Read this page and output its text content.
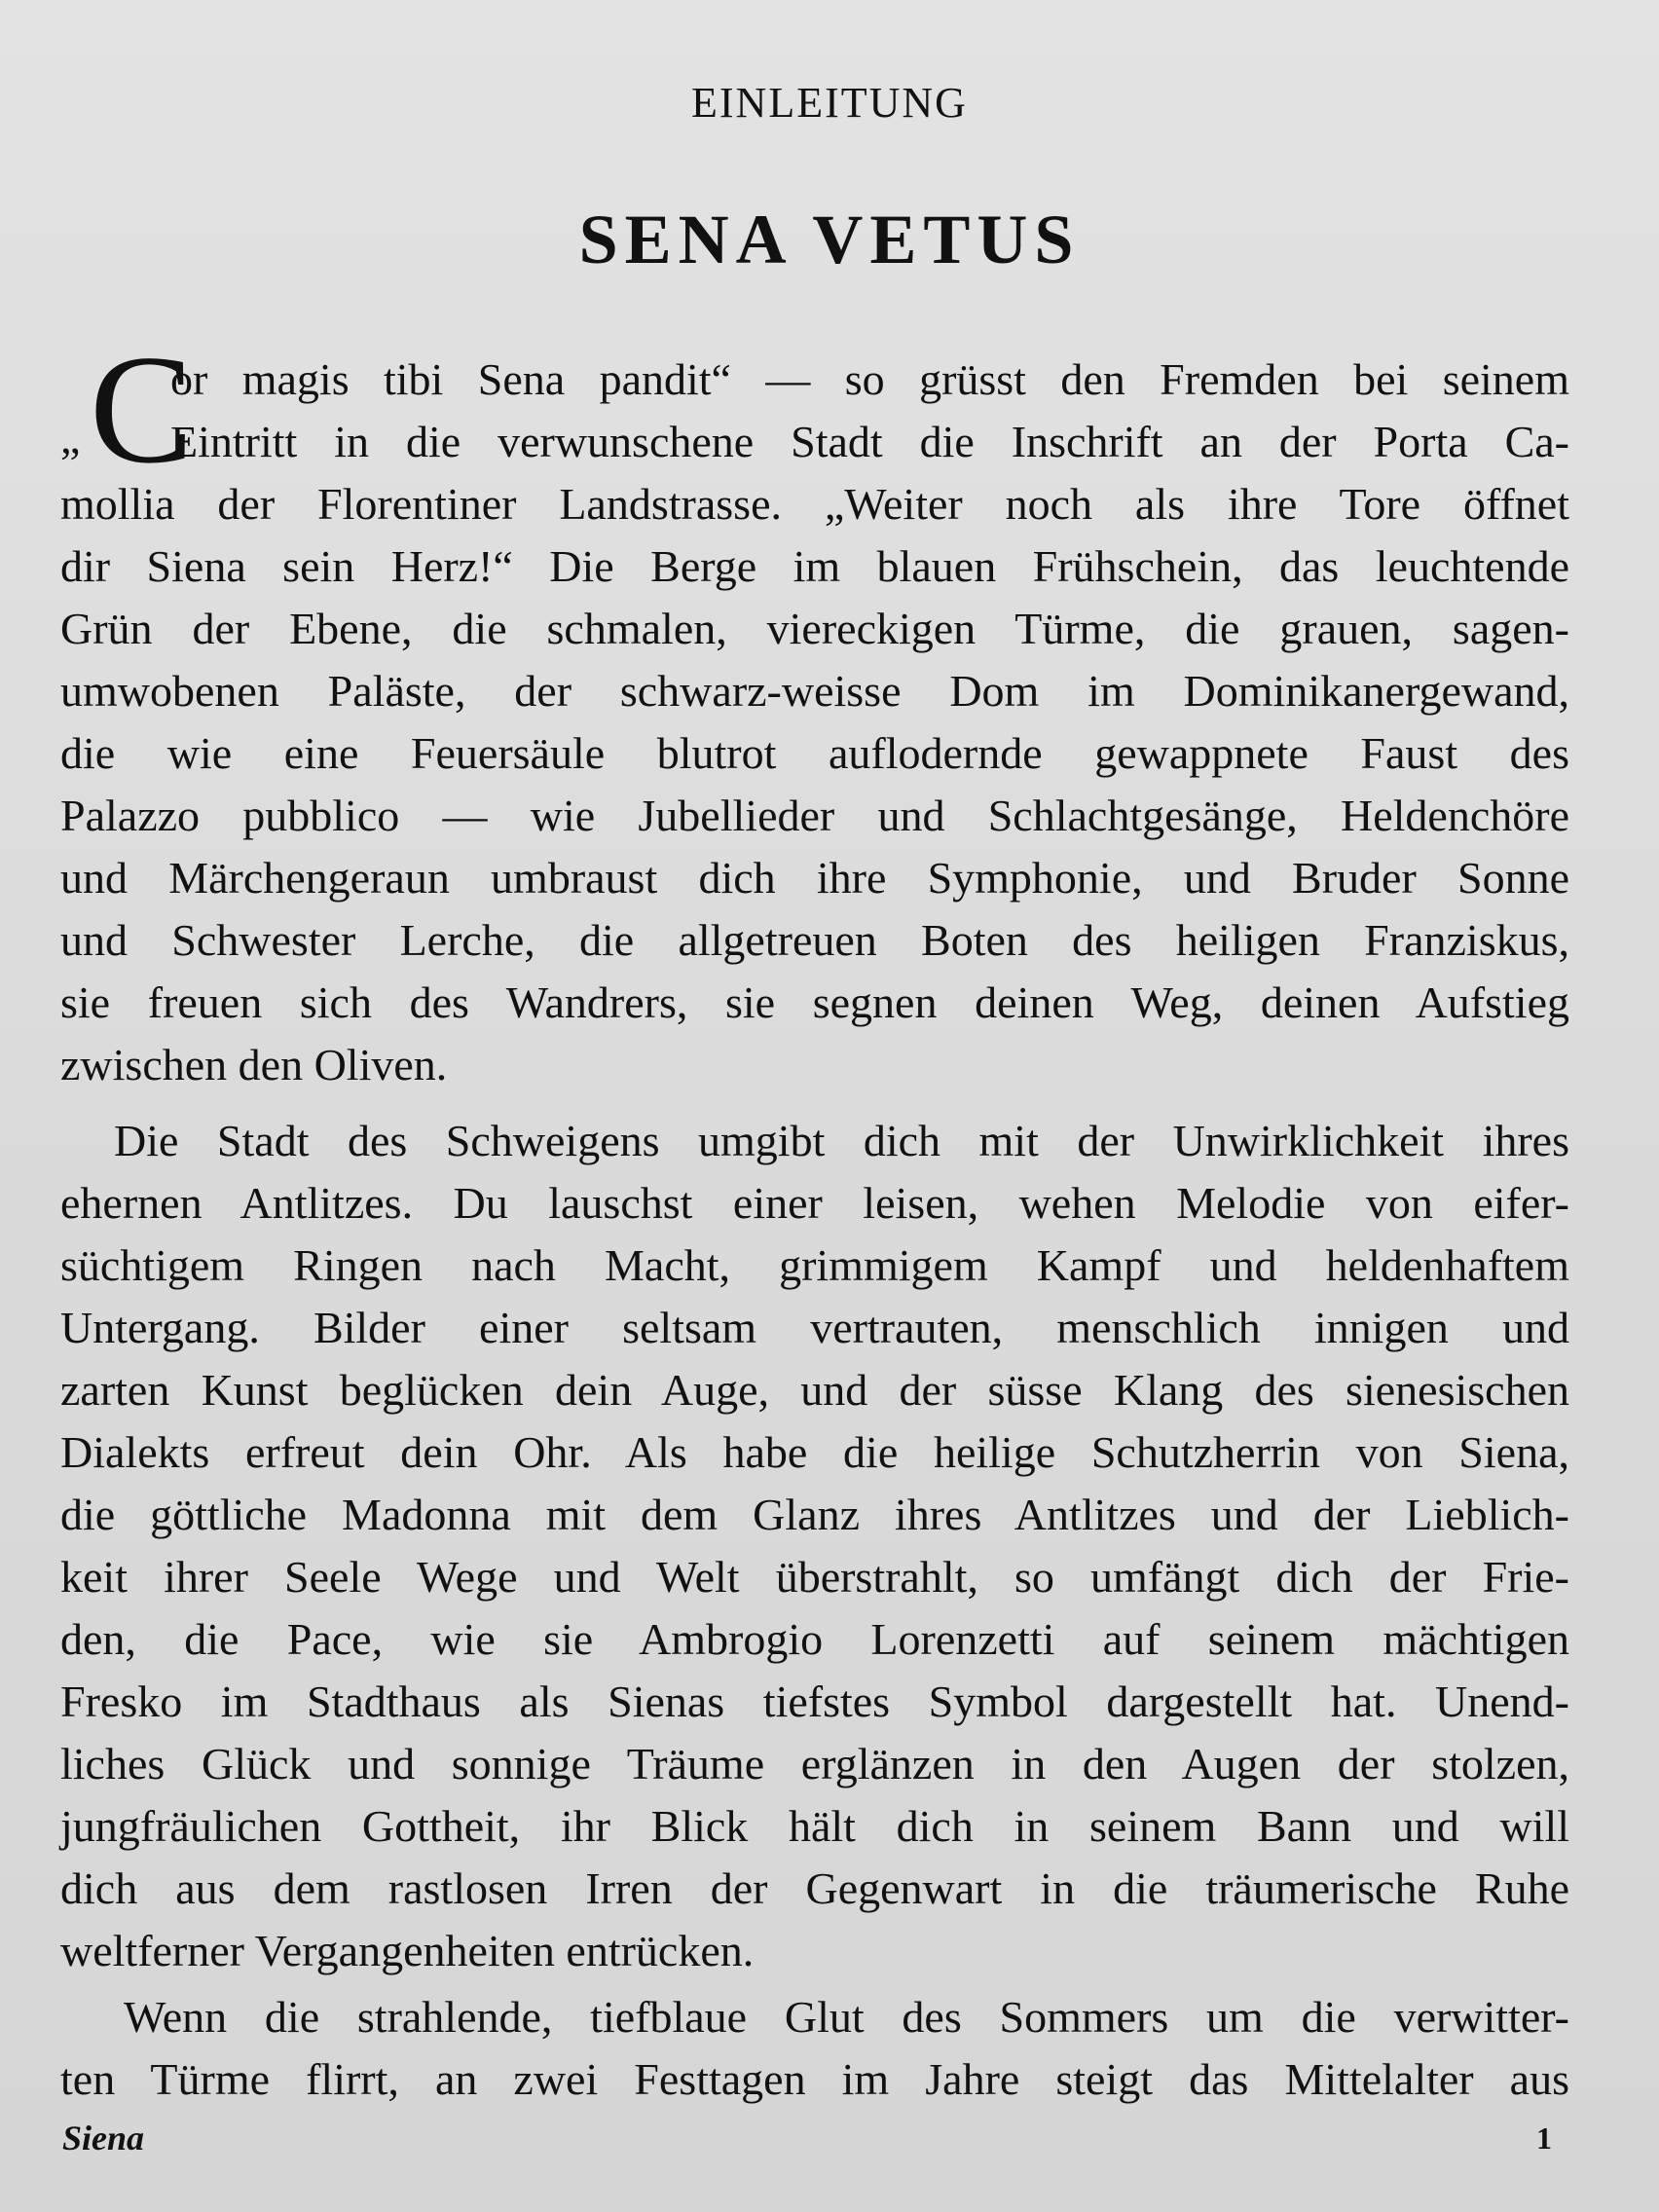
EINLEITUNG
SENA VETUS
C
„
or magis tibi Sena pandit“ — so grüsst den Fremden bei seinem
Eintritt in die verwunschene Stadt die Inschrift an der Porta Ca-
mollia der Florentiner Landstrasse. „Weiter noch als ihre Tore öffnet
dir Siena sein Herz!“ Die Berge im blauen Frühschein, das leuchtende
Grün der Ebene, die schmalen, viereckigen Türme, die grauen, sagen-
umwobenen Paläste, der schwarz-weisse Dom im Dominikanergewand,
die wie eine Feuersäule blutrot auflodernde gewappnete Faust des
Palazzo pubblico — wie Jubellieder und Schlachtgesänge, Heldenchöre
und Märchengeraun umbraust dich ihre Symphonie, und Bruder Sonne
und Schwester Lerche, die allgetreuen Boten des heiligen Franziskus,
sie freuen sich des Wandrers, sie segnen deinen Weg, deinen Aufstieg
zwischen den Oliven.
Die Stadt des Schweigens umgibt dich mit der Unwirklichkeit ihres
ehernen Antlitzes. Du lauschst einer leisen, wehen Melodie von eifer-
süchtigem Ringen nach Macht, grimmigem Kampf und heldenhaftem
Untergang. Bilder einer seltsam vertrauten, menschlich innigen und
zarten Kunst beglücken dein Auge, und der süsse Klang des sienesischen
Dialekts erfreut dein Ohr. Als habe die heilige Schutzherrin von Siena,
die göttliche Madonna mit dem Glanz ihres Antlitzes und der Lieblich-
keit ihrer Seele Wege und Welt überstrahlt, so umfängt dich der Frie-
den, die Pace, wie sie Ambrogio Lorenzetti auf seinem mächtigen
Fresko im Stadthaus als Sienas tiefstes Symbol dargestellt hat. Unend-
liches Glück und sonnige Träume erglänzen in den Augen der stolzen,
jungfräulichen Gottheit, ihr Blick hält dich in seinem Bann und will
dich aus dem rastlosen Irren der Gegenwart in die träumerische Ruhe
weltferner Vergangenheiten entrücken.
Wenn die strahlende, tiefblaue Glut des Sommers um die verwitter-
ten Türme flirrt, an zwei Festtagen im Jahre steigt das Mittelalter aus
Siena	1
